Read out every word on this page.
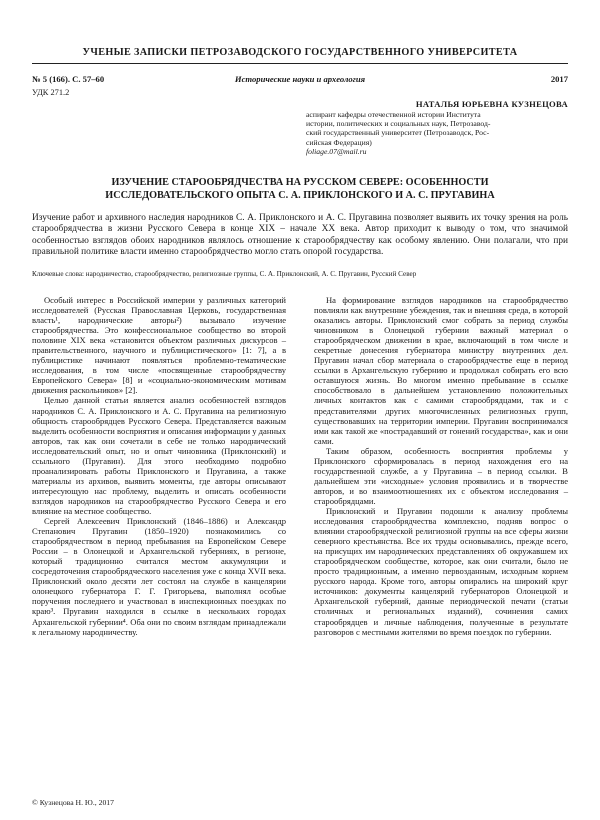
УЧЕНЫЕ ЗАПИСКИ ПЕТРОЗАВОДСКОГО ГОСУДАРСТВЕННОГО УНИВЕРСИТЕТА
№ 5 (166). С. 57–60	Исторические науки и археология	2017
УДК 271.2
НАТАЛЬЯ ЮРЬЕВНА КУЗНЕЦОВА
аспирант кафедры отечественной истории Института
истории, политических и социальных наук, Петрозавод-
ский государственный университет (Петрозаводск, Рос-
сийская Федерация)
foliage.07@mail.ru
ИЗУЧЕНИЕ СТАРООБРЯДЧЕСТВА НА РУССКОМ СЕВЕРЕ: ОСОБЕННОСТИ
ИССЛЕДОВАТЕЛЬСКОГО ОПЫТА С. А. ПРИКЛОНСКОГО И А. С. ПРУГАВИНА
Изучение работ и архивного наследия народников С. А. Приклонского и А. С. Пругавина позволяет выявить их точку зрения на роль старообрядчества в жизни Русского Севера в конце XIX – начале XX века. Автор приходит к выводу о том, что значимой особенностью взглядов обоих народников являлось отношение к старообрядчеству как особому явлению. Они полагали, что при правильной политике власти именно старообрядчество могло стать опорой государства.
Ключевые слова: народничество, старообрядчество, религиозные группы, С. А. Приклонский, А. С. Пругавин, Русский Север

Особый интерес в Российской империи у различных категорий исследователей (Русская Православная Церковь, государственная власть¹, народнические авторы²) вызывало изучение старообрядчества. Это конфессиональное сообщество во второй половине XIX века «становится объектом различных дискурсов – правительственного, научного и публицистического» [1: 7], а в публицистике начинают появляться проблемно-тематические исследования, в том числе «посвященные старообрядчеству Европейского Севера» [8] и «социально-экономическим мотивам движения раскольников» [2].

Целью данной статьи является анализ особенностей взглядов народников С. А. Приклонского и А. С. Пругавина на религиозную общность старообрядцев Русского Севера. Представляется важным выделить особенности восприятия и описания информации у данных авторов, так как они сочетали в себе не только народнический исследовательский опыт, но и опыт чиновника (Приклонский) и ссыльного (Пругавин). Для этого необходимо подробно проанализировать работы Приклонского и Пругавина, а также материалы из архивов, выявить моменты, где авторы описывают интересующую нас проблему, выделить и описать особенности взглядов народников на старообрядчество Русского Севера и его влияние на местное сообщество.

Сергей Алексеевич Приклонский (1846–1886) и Александр Степанович Пругавин (1850–1920) познакомились со старообрядчеством в период пребывания на Европейском Севере России – в Олонецкой и Архангельской губерниях, в регионе, который традиционно считался местом аккумуляции и сосредоточения старообрядческого населения уже с конца XVII века. Приклонский около десяти лет состоял на службе в канцелярии олонецкого губернатора Г. Г. Григорьева, выполнял особые поручения последнего и участвовал в инспекционных поездках по краю³. Пругавин находился в ссылке в нескольких городах Архангельской губернии⁴. Оба они по своим взглядам принадлежали к легальному народничеству.

На формирование взглядов народников на старообрядчество повлияли как внутренние убеждения, так и внешняя среда, в которой оказались авторы. Приклонский смог собрать за период службы чиновником в Олонецкой губернии важный материал о старообрядческом движении в крае, включающий в том числе и секретные донесения губернатора министру внутренних дел. Пругавин начал сбор материала о старообрядчестве еще в период ссылки в Архангельскую губернию и продолжал собирать его всю оставшуюся жизнь. Во многом именно пребывание в ссылке способствовало в дальнейшем установлению положительных личных контактов как с самими старообрядцами, так и с представителями других многочисленных религиозных групп, существовавших на территории империи. Пругавин воспринимался ими как такой же «пострадавший от гонений государства», как и они сами.

Таким образом, особенность восприятия проблемы у Приклонского сформировалась в период нахождения его на государственной службе, а у Пругавина – в период ссылки. В дальнейшем эти «исходные» условия проявились и в творчестве авторов, и во взаимоотношениях их с объектом исследования – старообрядцами.

Приклонский и Пругавин подошли к анализу проблемы исследования старообрядчества комплексно, подняв вопрос о влиянии старообрядческой религиозной группы на все сферы жизни северного крестьянства. Все их труды основывались, прежде всего, на присущих им народнических представлениях об окружавшем их старообрядческом сообществе, которое, как они считали, было не просто традиционным, а именно первозданным, исходным корнем русского народа. Кроме того, авторы опирались на широкий круг источников: документы канцелярий губернаторов Олонецкой и Архангельской губерний, данные периодической печати (статьи столичных и региональных изданий), сочинения самих старообрядцев и личные наблюдения, полученные в результате разговоров с местными жителями во время поездок по губернии.

© Кузнецова Н. Ю., 2017
